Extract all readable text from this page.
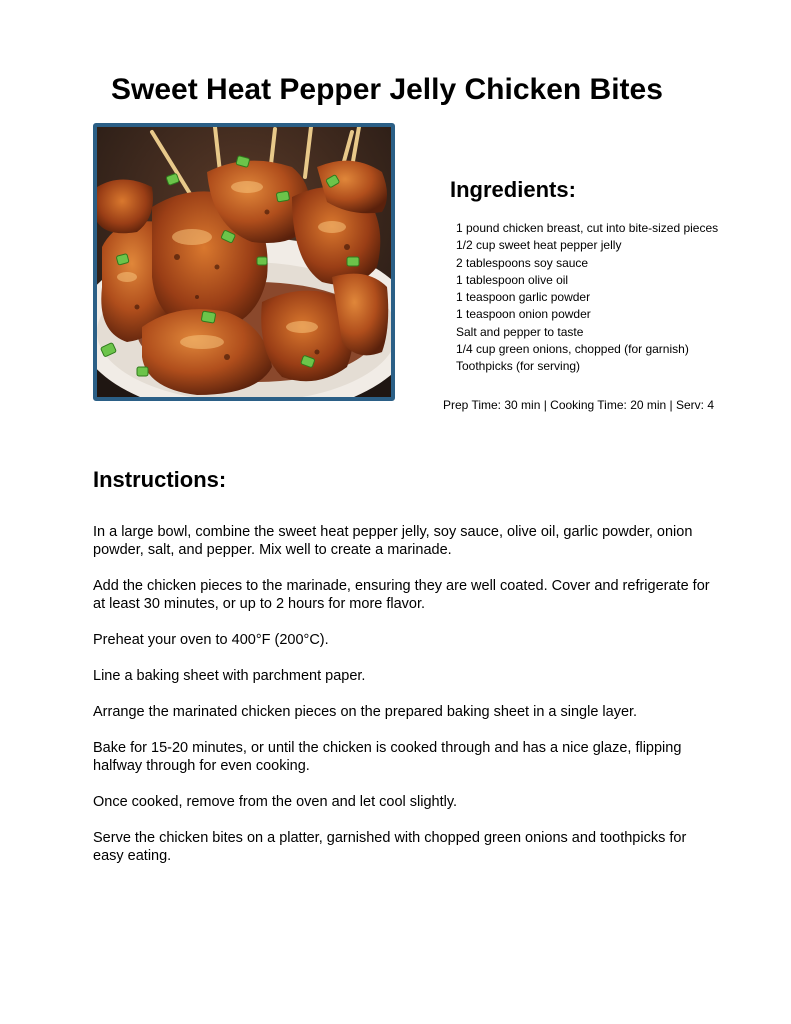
Sweet Heat Pepper Jelly Chicken Bites
Ingredients:
1 pound chicken breast, cut into bite-sized pieces
1/2 cup sweet heat pepper jelly
2 tablespoons soy sauce
1 tablespoon olive oil
1 teaspoon garlic powder
1 teaspoon onion powder
Salt and pepper to taste
1/4 cup green onions, chopped (for garnish)
Toothpicks (for serving)
Prep Time: 30 min | Cooking Time: 20 min | Serv: 4
Instructions:
In a large bowl, combine the sweet heat pepper jelly, soy sauce, olive oil, garlic powder, onion powder, salt, and pepper. Mix well to create a marinade.
Add the chicken pieces to the marinade, ensuring they are well coated. Cover and refrigerate for at least 30 minutes, or up to 2 hours for more flavor.
Preheat your oven to 400°F (200°C).
Line a baking sheet with parchment paper.
Arrange the marinated chicken pieces on the prepared baking sheet in a single layer.
Bake for 15-20 minutes, or until the chicken is cooked through and has a nice glaze, flipping halfway through for even cooking.
Once cooked, remove from the oven and let cool slightly.
Serve the chicken bites on a platter, garnished with chopped green onions and toothpicks for easy eating.
